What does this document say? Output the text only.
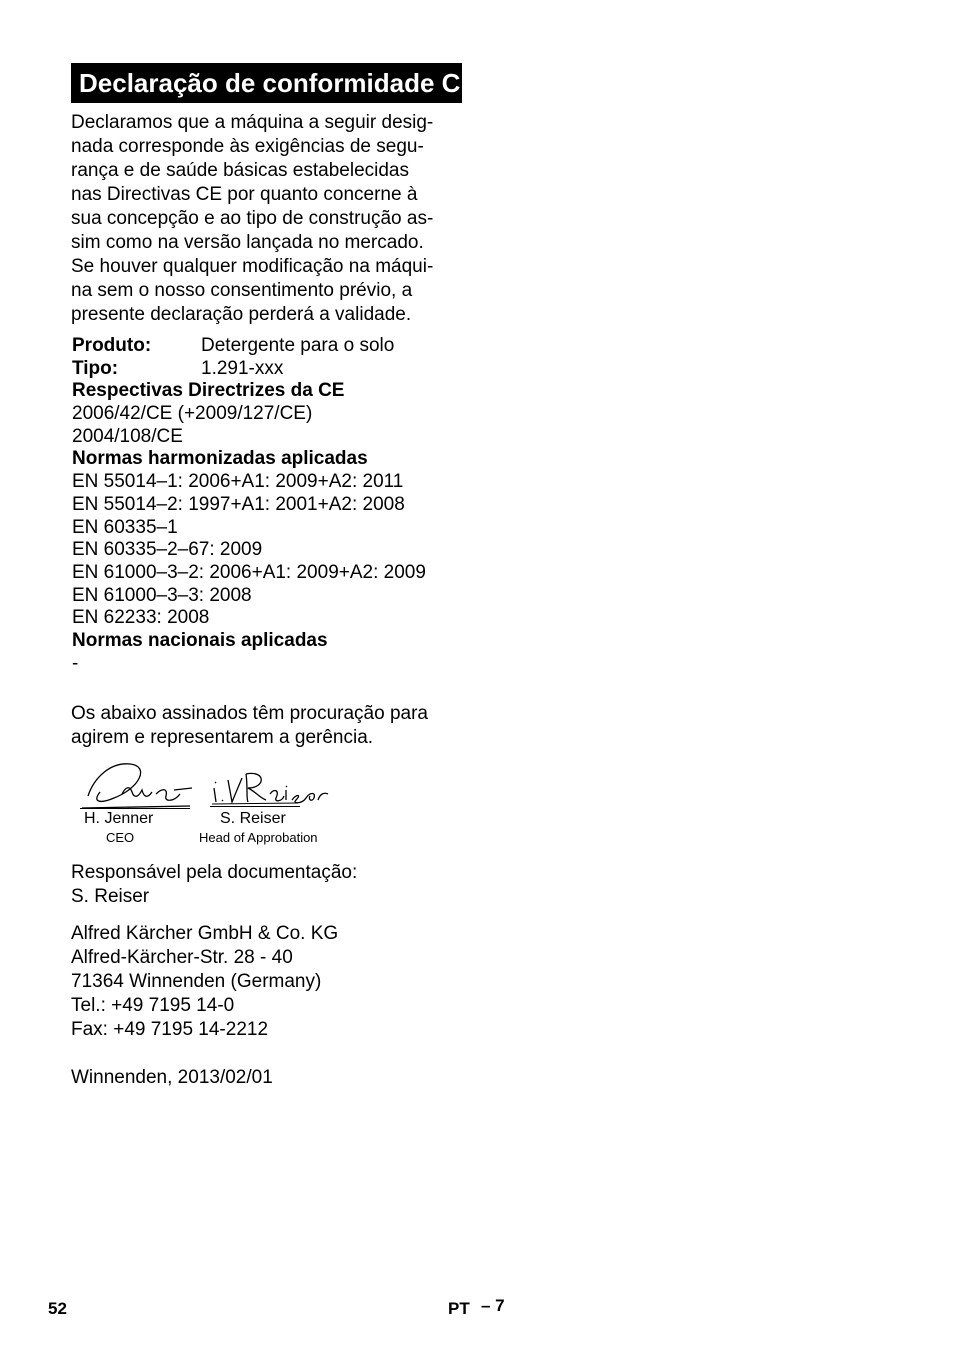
Declaração de conformidade CE
Declaramos que a máquina a seguir desig-
nada corresponde às exigências de segu-
rança e de saúde básicas estabelecidas
nas Directivas CE por quanto concerne à
sua concepção e ao tipo de construção as-
sim como na versão lançada no mercado.
Se houver qualquer modificação na máqui-
na sem o nosso consentimento prévio, a
presente declaração perderá a validade.
Produto:	Detergente para o solo
Tipo:	1.291-xxx
Respectivas Directrizes da CE
2006/42/CE (+2009/127/CE)
2004/108/CE
Normas harmonizadas aplicadas
EN 55014–1: 2006+A1: 2009+A2: 2011
EN 55014–2: 1997+A1: 2001+A2: 2008
EN 60335–1
EN 60335–2–67: 2009
EN 61000–3–2: 2006+A1: 2009+A2: 2009
EN 61000–3–3: 2008
EN 62233: 2008
Normas nacionais aplicadas
-
Os abaixo assinados têm procuração para
agirem e representarem a gerência.
H. Jenner
CEO
S. Reiser
Head of Approbation
Responsável pela documentação:
S. Reiser
Alfred Kärcher GmbH & Co. KG
Alfred-Kärcher-Str. 28 - 40
71364 Winnenden (Germany)
Tel.: +49 7195 14-0
Fax: +49 7195 14-2212
Winnenden, 2013/02/01
52	PT – 7
